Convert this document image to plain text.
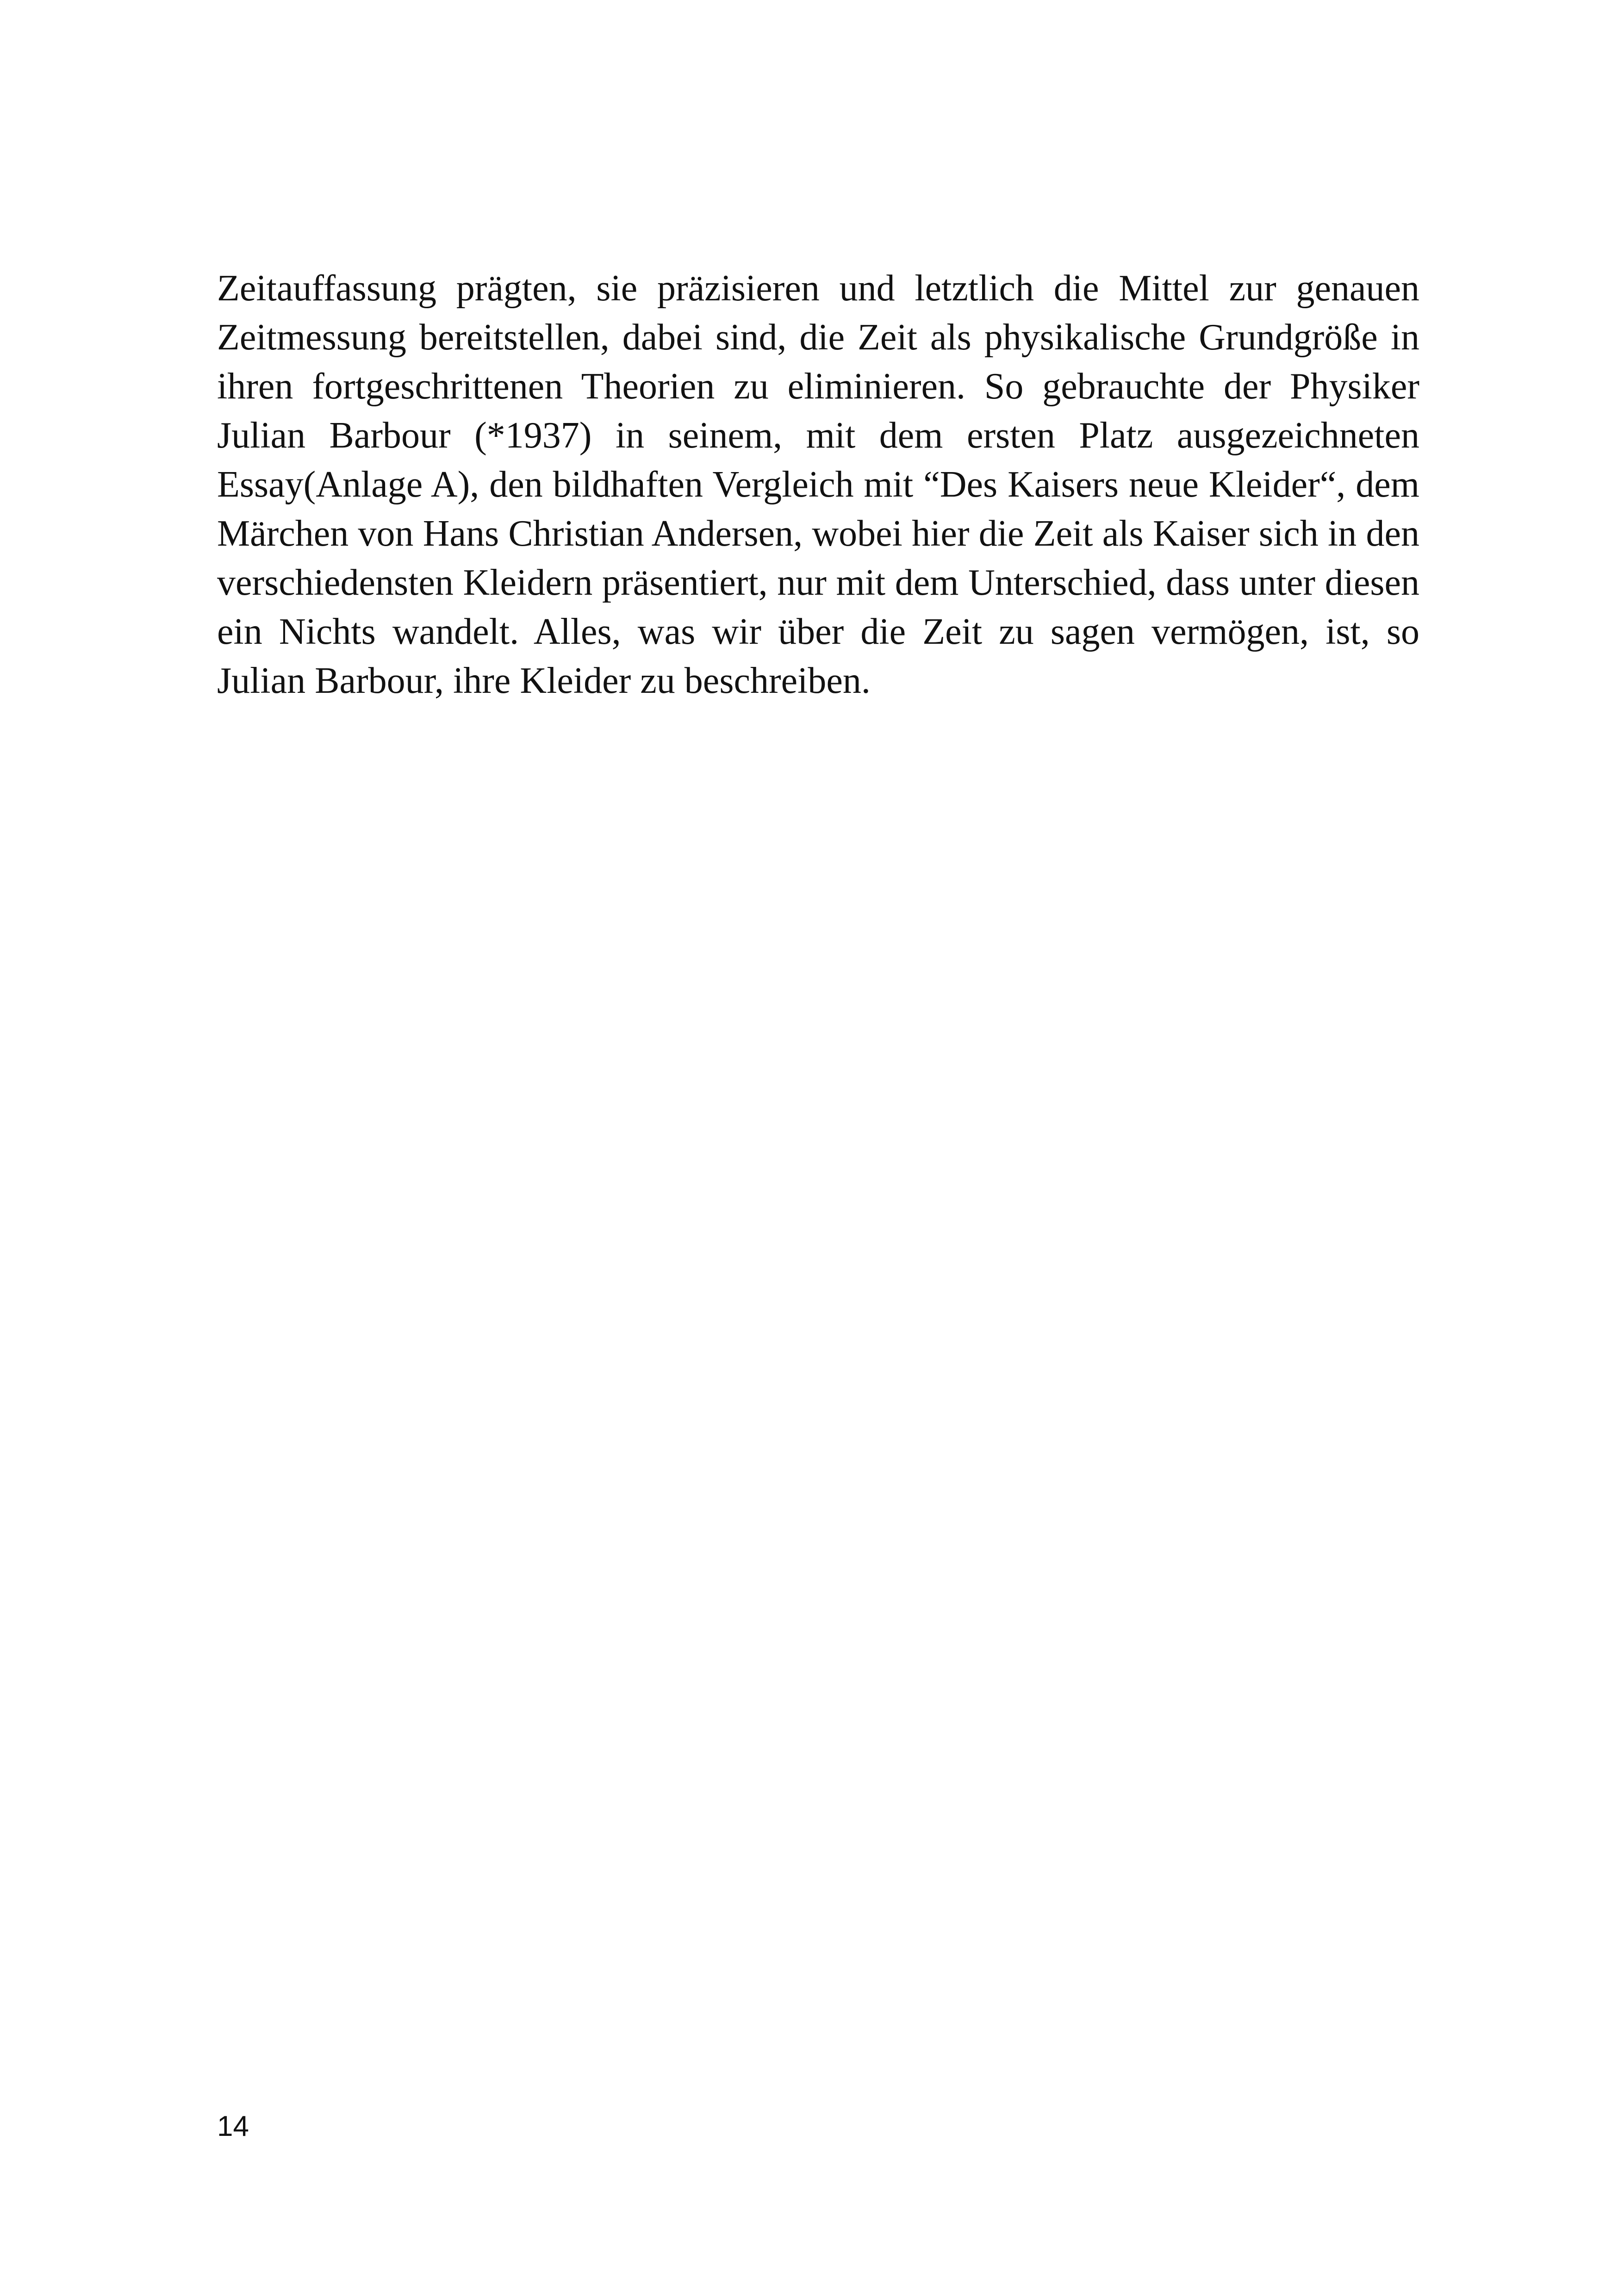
Zeitauffassung prägten, sie präzisieren und letztlich die Mittel zur genauen Zeitmessung bereitstellen, dabei sind, die Zeit als physikalische Grundgröße in ihren fortgeschrittenen Theorien zu eliminieren. So gebrauchte der Physiker Julian Barbour (*1937) in seinem, mit dem ersten Platz ausgezeichneten Essay(Anlage A), den bildhaften Vergleich mit “Des Kaisers neue Kleider“, dem Märchen von Hans Christian Andersen, wobei hier die Zeit als Kaiser sich in den verschiedensten Kleidern präsentiert, nur mit dem Unterschied, dass unter diesen ein Nichts wandelt. Alles, was wir über die Zeit zu sagen vermögen, ist, so Julian Barbour, ihre Kleider zu beschreiben.

14
